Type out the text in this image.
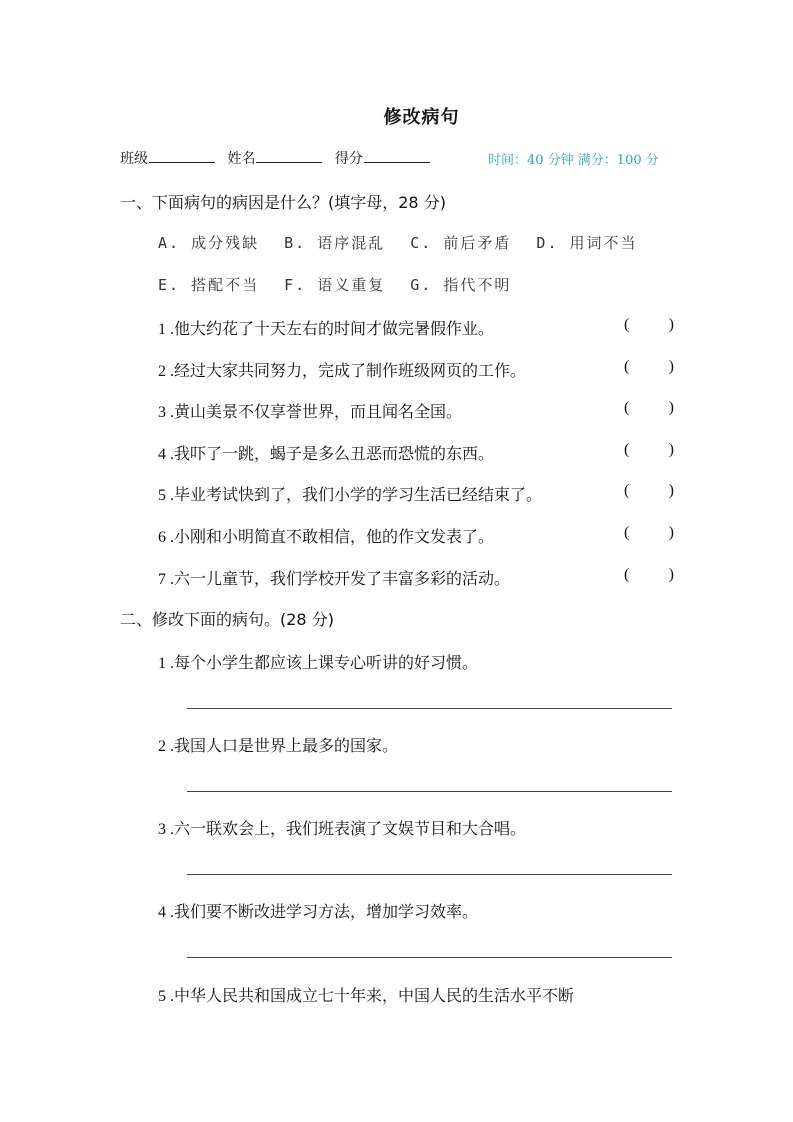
修改病句
班级	姓名	得分	时间：40 分钟 满分：100 分
一、下面病句的病因是什么？(填字母，28 分)
A. 成分残缺 B. 语序混乱 C. 前后矛盾 D. 用词不当
E. 搭配不当 F. 语义重复 G. 指代不明
1 .他大约花了十天左右的时间才做完暑假作业。	( )
2 .经过大家共同努力，完成了制作班级网页的工作。	( )
3 .黄山美景不仅享誉世界，而且闻名全国。	( )
4 .我吓了一跳，蝎子是多么丑恶而恐慌的东西。	( )
5 .毕业考试快到了，我们小学的学习生活已经结束了。	( )
6 .小刚和小明简直不敢相信，他的作文发表了。	( )
7 .六一儿童节，我们学校开发了丰富多彩的活动。	( )
二、修改下面的病句。(28 分)
1 .每个小学生都应该上课专心听讲的好习惯。
2 .我国人口是世界上最多的国家。
3 .六一联欢会上，我们班表演了文娱节目和大合唱。
4 .我们要不断改进学习方法，增加学习效率。
5 .中华人民共和国成立七十年来，中国人民的生活水平不断
